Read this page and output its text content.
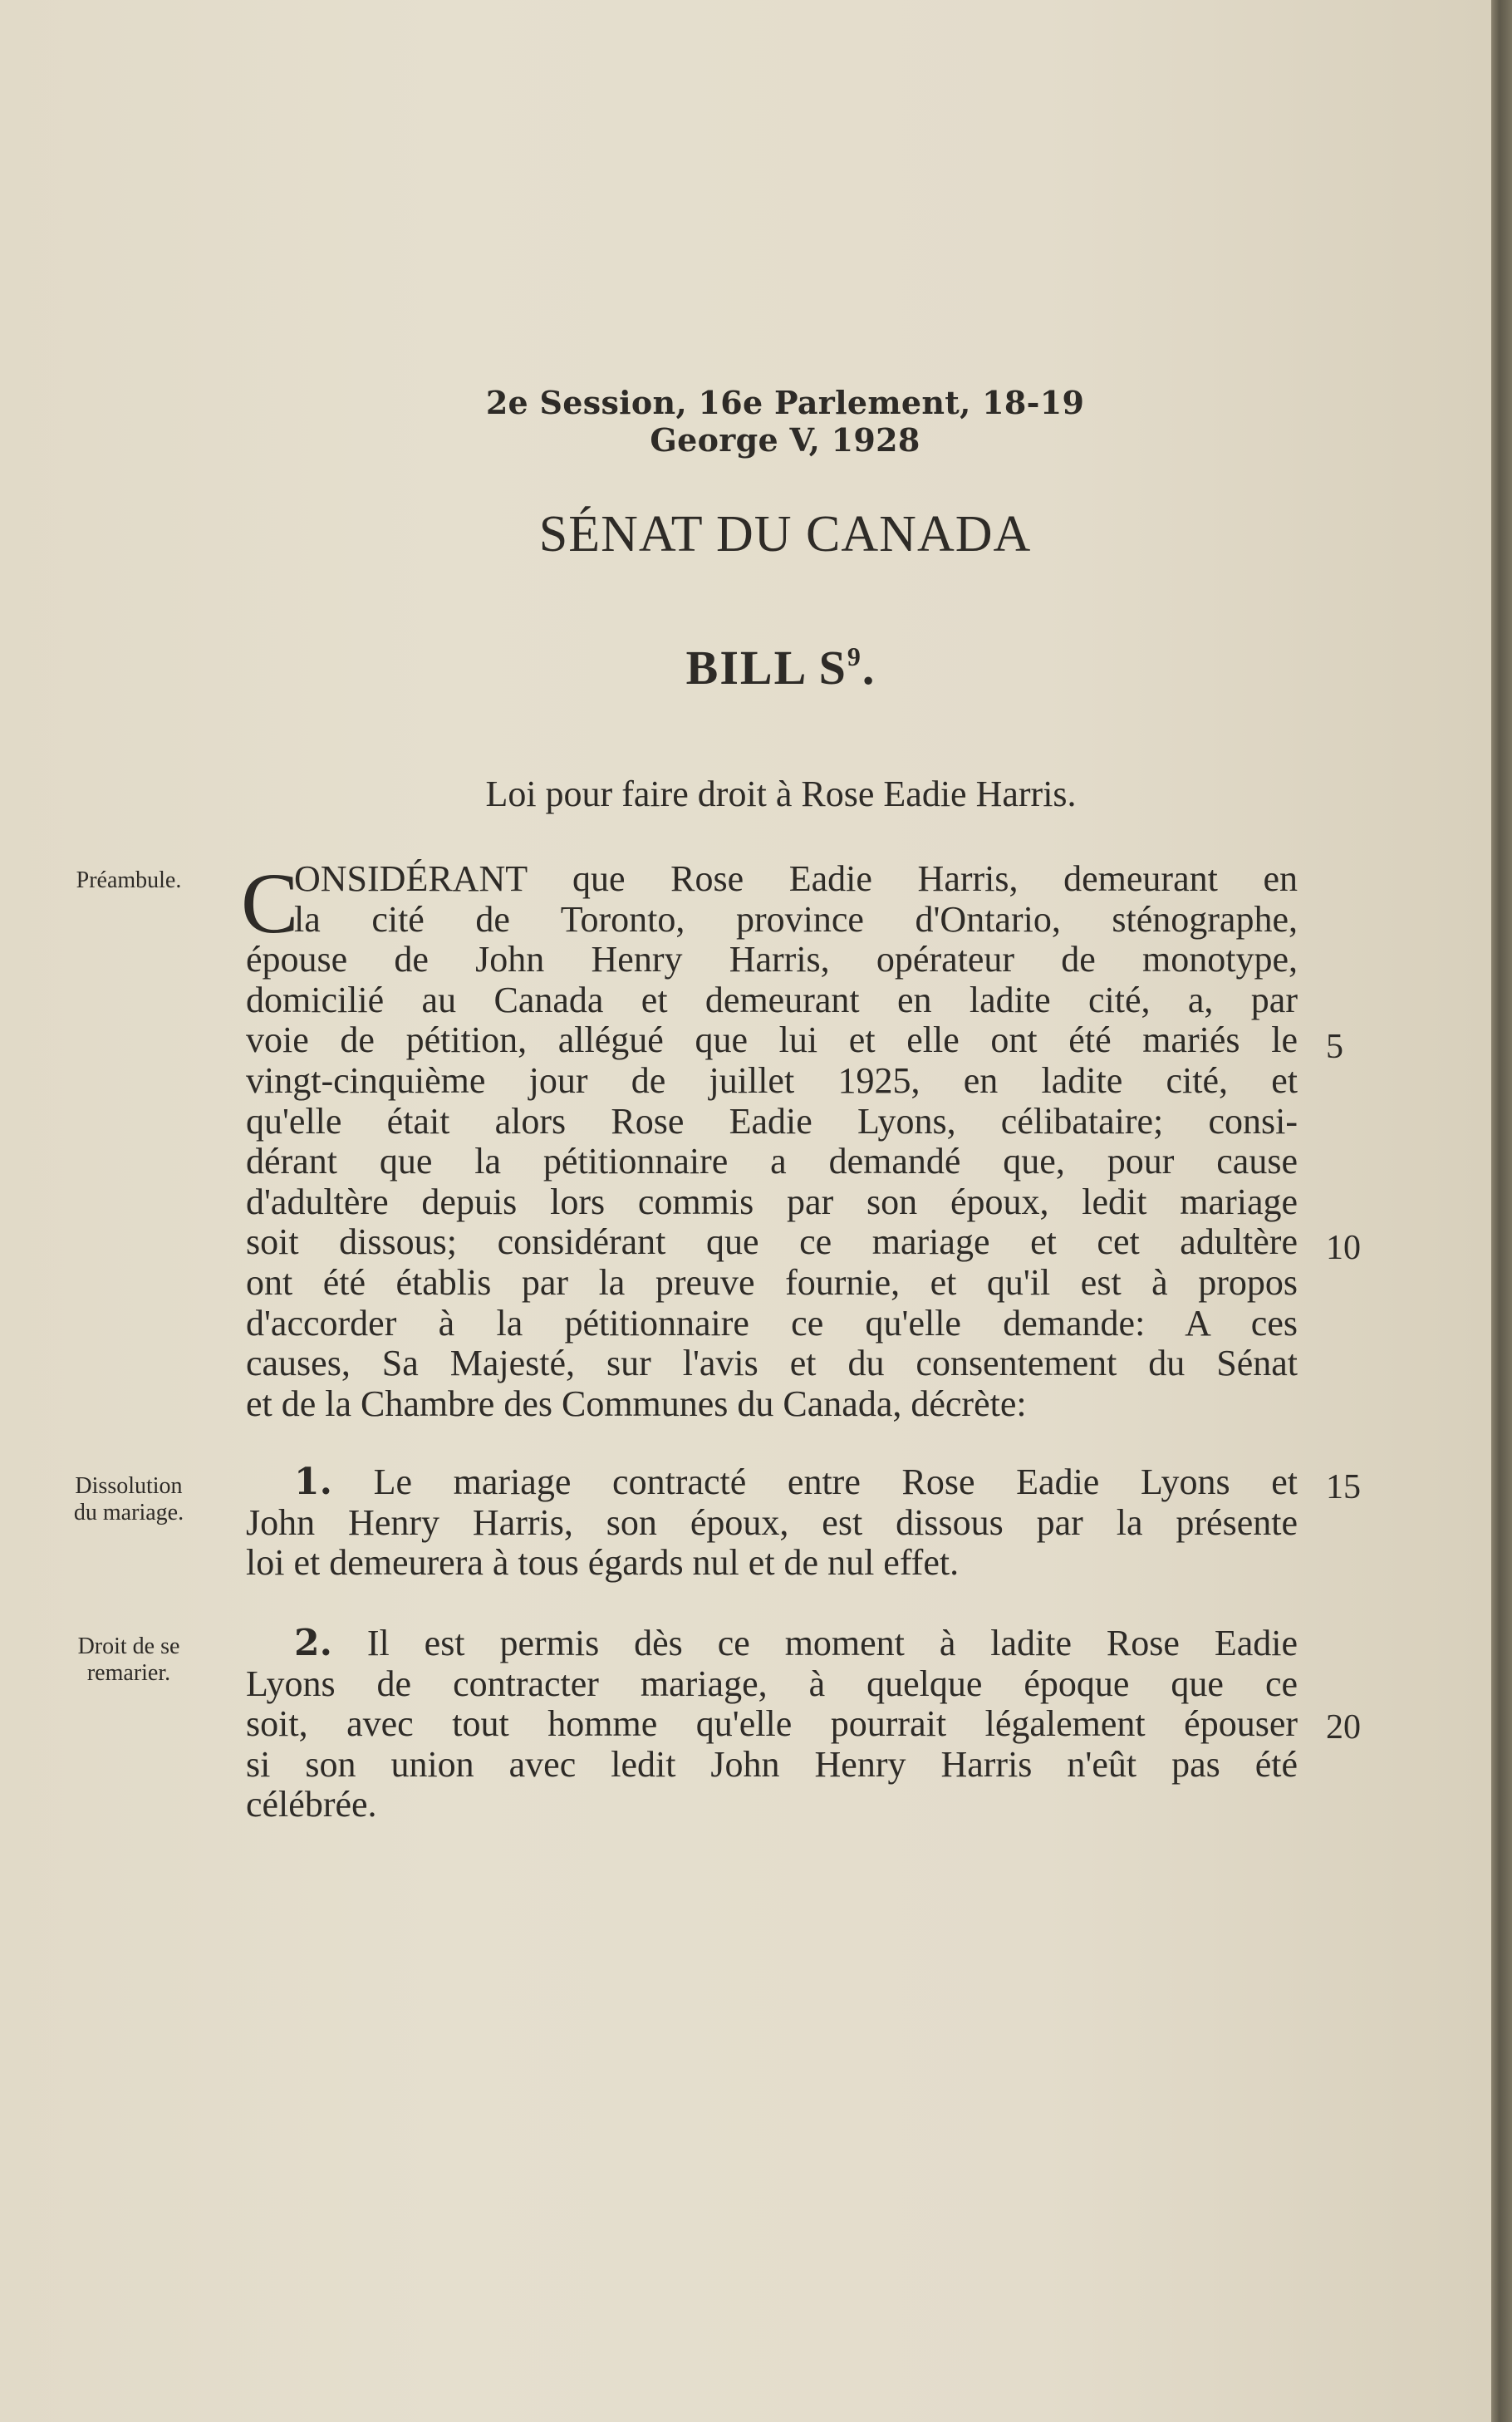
2e Session, 16e Parlement, 18-19 George V, 1928
SÉNAT DU CANADA
BILL $S^9$.
Loi pour faire droit à Rose Eadie Harris.
Préambule.
Dissolution
du mariage.
Droit de se
remarier.
C
ONSIDÉRANT que Rose Eadie Harris, demeurant en
la cité de Toronto, province d'Ontario, sténographe,
épouse de John Henry Harris, opérateur de monotype,
domicilié au Canada et demeurant en ladite cité, a, par
voie de pétition, allégué que lui et elle ont été mariés le
vingt-cinquième jour de juillet 1925, en ladite cité, et
qu'elle était alors Rose Eadie Lyons, célibataire; consi-
dérant que la pétitionnaire a demandé que, pour cause
d'adultère depuis lors commis par son époux, ledit mariage
soit dissous; considérant que ce mariage et cet adultère
ont été établis par la preuve fournie, et qu'il est à propos
d'accorder à la pétitionnaire ce qu'elle demande: A ces
causes, Sa Majesté, sur l'avis et du consentement du Sénat
et de la Chambre des Communes du Canada, décrète:
1. Le mariage contracté entre Rose Eadie Lyons et
John Henry Harris, son époux, est dissous par la présente
loi et demeurera à tous égards nul et de nul effet.
2. Il est permis dès ce moment à ladite Rose Eadie
Lyons de contracter mariage, à quelque époque que ce
soit, avec tout homme qu'elle pourrait légalement épouser
si son union avec ledit John Henry Harris n'eût pas été
célébrée.
5
10
15
20
